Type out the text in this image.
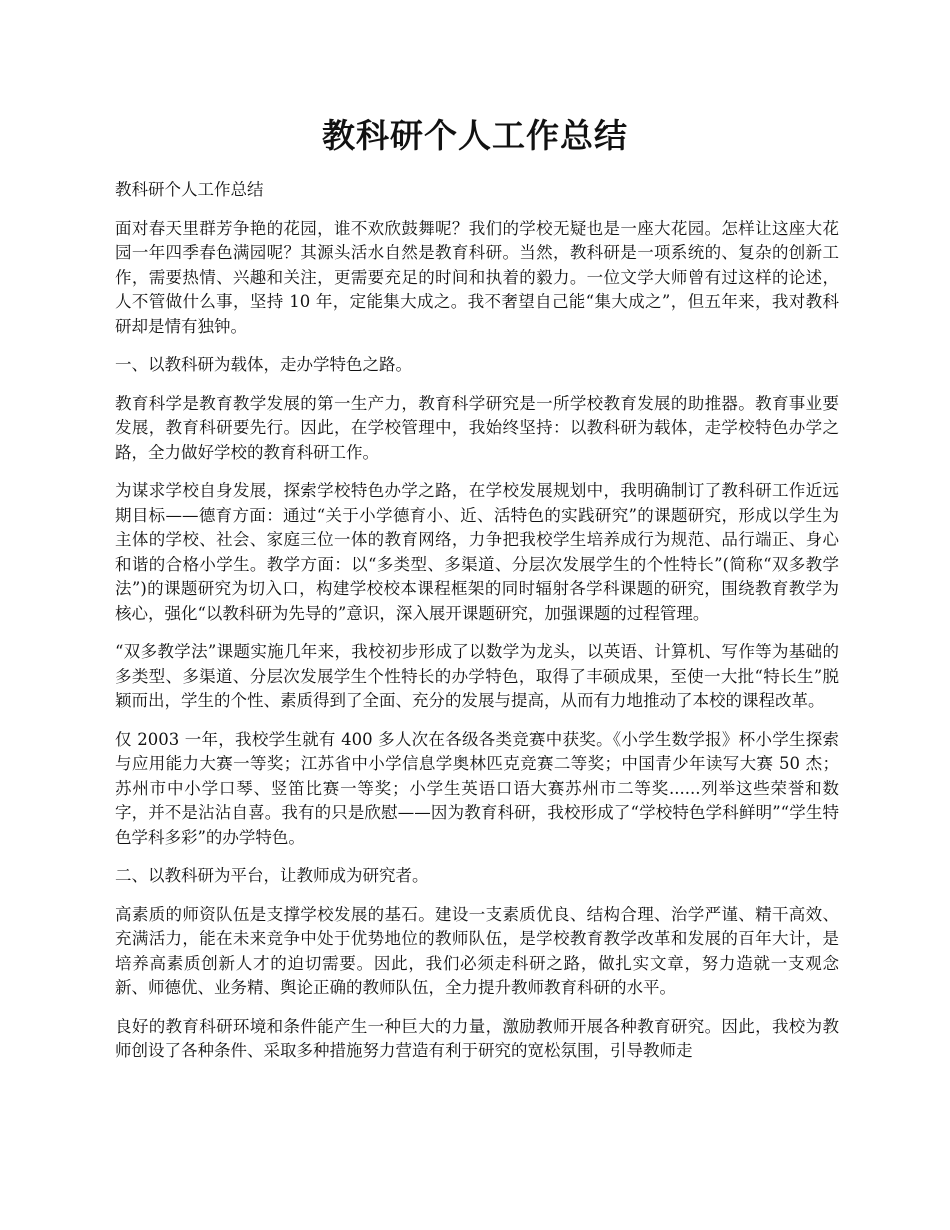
教科研个人工作总结

教科研个人工作总结

面对春天里群芳争艳的花园，谁不欢欣鼓舞呢？我们的学校无疑也是一座大花园。怎样让这座大花园一年四季春色满园呢？其源头活水自然是教育科研。当然，教科研是一项系统的、复杂的创新工作，需要热情、兴趣和关注，更需要充足的时间和执着的毅力。一位文学大师曾有过这样的论述，人不管做什么事，坚持 10 年，定能集大成之。我不奢望自己能“集大成之”，但五年来，我对教科研却是情有独钟。

一、以教科研为载体，走办学特色之路。

教育科学是教育教学发展的第一生产力，教育科学研究是一所学校教育发展的助推器。教育事业要发展，教育科研要先行。因此，在学校管理中，我始终坚持：以教科研为载体，走学校特色办学之路，全力做好学校的教育科研工作。

为谋求学校自身发展，探索学校特色办学之路，在学校发展规划中，我明确制订了教科研工作近远期目标——德育方面：通过“关于小学德育小、近、活特色的实践研究”的课题研究，形成以学生为主体的学校、社会、家庭三位一体的教育网络，力争把我校学生培养成行为规范、品行端正、身心和谐的合格小学生。教学方面：以“多类型、多渠道、分层次发展学生的个性特长”(简称“双多教学法”)的课题研究为切入口，构建学校校本课程框架的同时辐射各学科课题的研究，围绕教育教学为核心，强化“以教科研为先导的”意识，深入展开课题研究，加强课题的过程管理。

“双多教学法”课题实施几年来，我校初步形成了以数学为龙头，以英语、计算机、写作等为基础的多类型、多渠道、分层次发展学生个性特长的办学特色，取得了丰硕成果，至使一大批“特长生”脱颖而出，学生的个性、素质得到了全面、充分的发展与提高，从而有力地推动了本校的课程改革。

仅 2003 一年，我校学生就有 400 多人次在各级各类竞赛中获奖。《小学生数学报》杯小学生探索与应用能力大赛一等奖；江苏省中小学信息学奥林匹克竞赛二等奖；中国青少年读写大赛 50 杰；苏州市中小学口琴、竖笛比赛一等奖；小学生英语口语大赛苏州市二等奖......列举这些荣誉和数字，并不是沾沾自喜。我有的只是欣慰——因为教育科研，我校形成了“学校特色学科鲜明”“学生特色学科多彩”的办学特色。

二、以教科研为平台，让教师成为研究者。

高素质的师资队伍是支撑学校发展的基石。建设一支素质优良、结构合理、治学严谨、精干高效、充满活力，能在未来竞争中处于优势地位的教师队伍，是学校教育教学改革和发展的百年大计，是培养高素质创新人才的迫切需要。因此，我们必须走科研之路，做扎实文章，努力造就一支观念新、师德优、业务精、舆论正确的教师队伍，全力提升教师教育科研的水平。

良好的教育科研环境和条件能产生一种巨大的力量，激励教师开展各种教育研究。因此，我校为教师创设了各种条件、采取多种措施努力营造有利于研究的宽松氛围，引导教师走
